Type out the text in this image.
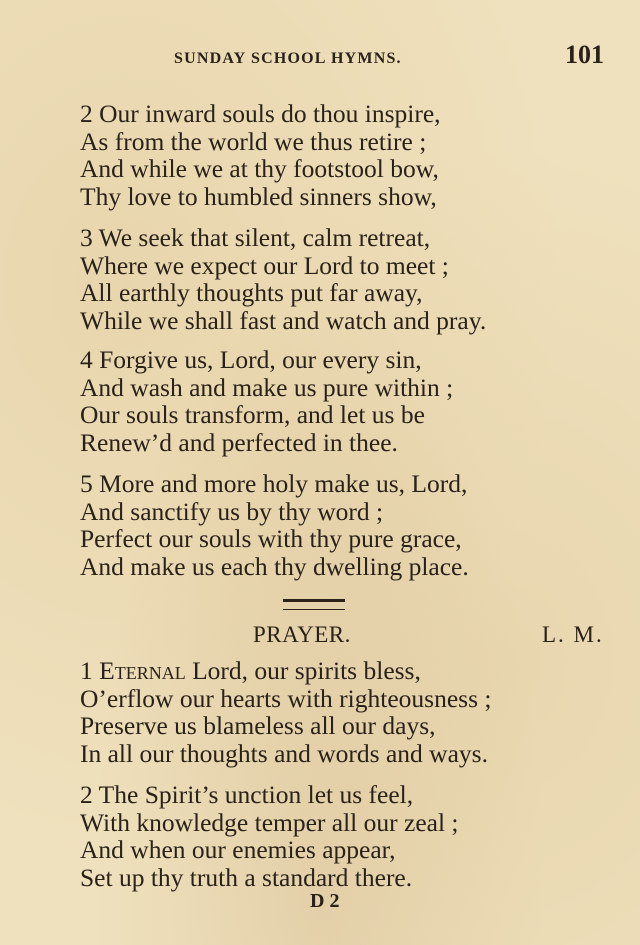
SUNDAY SCHOOL HYMNS.	101
2 Our inward souls do thou inspire,
As from the world we thus retire ;
And while we at thy footstool bow,
Thy love to humbled sinners show,
3 We seek that silent, calm retreat,
Where we expect our Lord to meet ;
All earthly thoughts put far away,
While we shall fast and watch and pray.
4 Forgive us, Lord, our every sin,
And wash and make us pure within ;
Our souls transform, and let us be
Renew’d and perfected in thee.
5 More and more holy make us, Lord,
And sanctify us by thy word ;
Perfect our souls with thy pure grace,
And make us each thy dwelling place.
PRAYER.	L. M.
1 Eternal Lord, our spirits bless,
O’erflow our hearts with righteousness ;
Preserve us blameless all our days,
In all our thoughts and words and ways.
2 The Spirit’s unction let us feel,
With knowledge temper all our zeal ;
And when our enemies appear,
Set up thy truth a standard there.
D 2
